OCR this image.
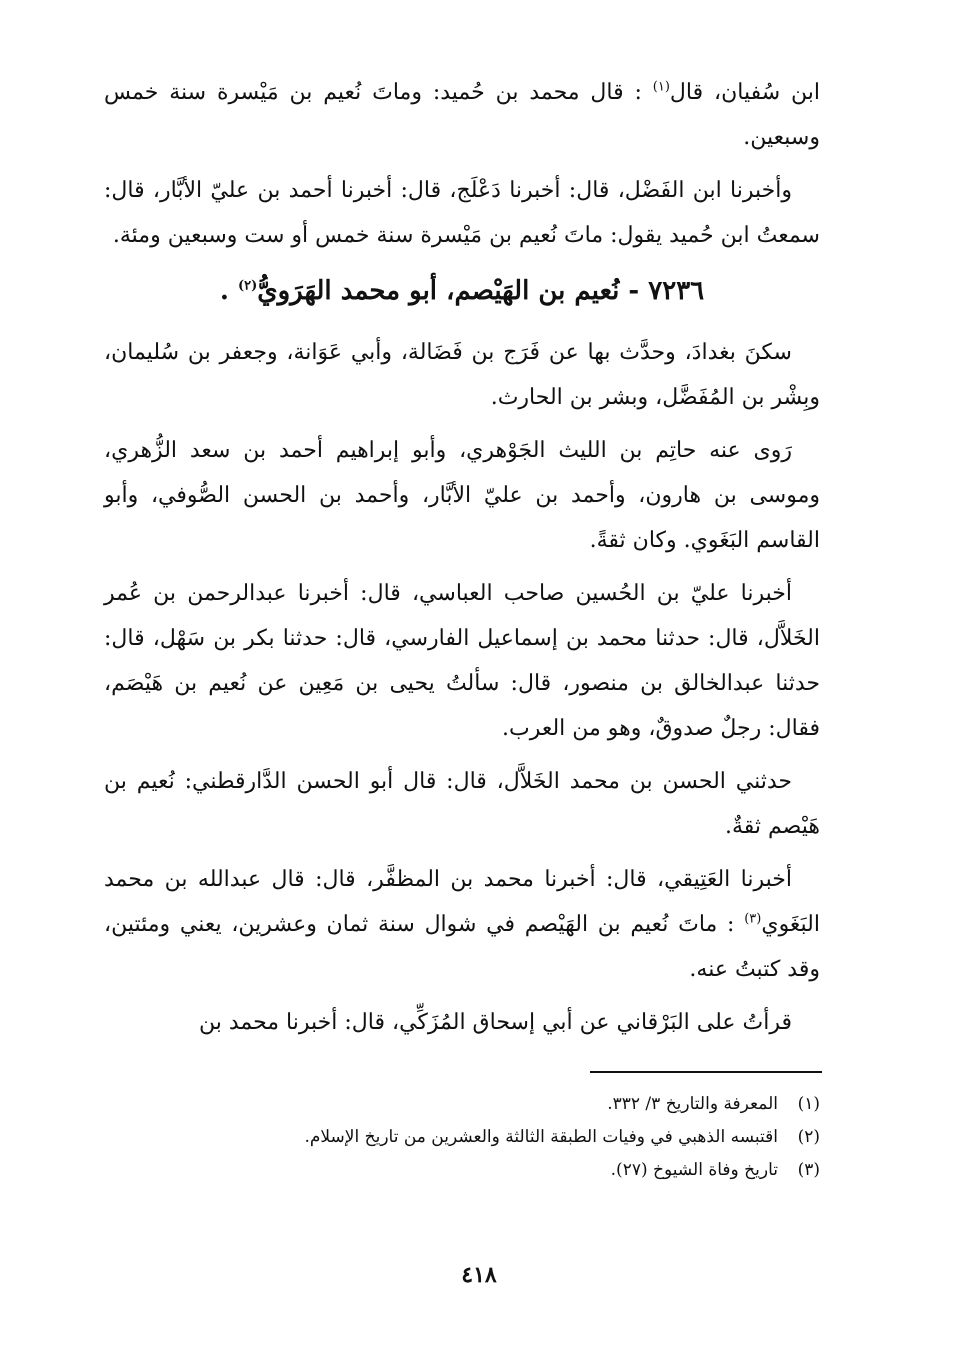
ابن سُفيان، قال$^{(١)}$ : قال محمد بن حُميد: وماتَ نُعيم بن مَيْسرة سنة خمس وسبعين.

وأخبرنا ابن الفَضْل، قال: أخبرنا دَعْلَج، قال: أخبرنا أحمد بن عليّ الأبَّار، قال: سمعتُ ابن حُميد يقول: ماتَ نُعيم بن مَيْسرة سنة خمس أو ست وسبعين ومئة.

٧٢٣٦ - نُعيم بن الهَيْصم، أبو محمد الهَرَويُّ$^{(٢)}$ .

سكنَ بغدادَ، وحدَّث بها عن فَرَج بن فَضَالة، وأبي عَوَانة، وجعفر بن سُليمان، وبِشْر بن المُفَضَّل، وبشر بن الحارث.

رَوى عنه حاتِم بن الليث الجَوْهري، وأبو إبراهيم أحمد بن سعد الزُّهري، وموسى بن هارون، وأحمد بن عليّ الأبَّار، وأحمد بن الحسن الصُّوفي، وأبو القاسم البَغَوي. وكان ثقةً.

أخبرنا عليّ بن الحُسين صاحب العباسي، قال: أخبرنا عبدالرحمن بن عُمر الخَلاَّل، قال: حدثنا محمد بن إسماعيل الفارسي، قال: حدثنا بكر بن سَهْل، قال: حدثنا عبدالخالق بن منصور، قال: سألتُ يحيى بن مَعِين عن نُعيم بن هَيْصَم، فقال: رجلٌ صدوقٌ، وهو من العرب.

حدثني الحسن بن محمد الخَلاَّل، قال: قال أبو الحسن الدَّارقطني: نُعيم بن هَيْصم ثقةٌ.

أخبرنا العَتِيقي، قال: أخبرنا محمد بن المظفَّر، قال: قال عبدالله بن محمد البَغَوي$^{(٣)}$ : ماتَ نُعيم بن الهَيْصم في شوال سنة ثمان وعشرين، يعني ومئتين، وقد كتبتُ عنه.

قرأتُ على البَرْقاني عن أبي إسحاق المُزَكِّي، قال: أخبرنا محمد بن

(١)المعرفة والتاريخ ٣/ ٣٣٢.
(٢)اقتبسه الذهبي في وفيات الطبقة الثالثة والعشرين من تاريخ الإسلام.
(٣)تاريخ وفاة الشيوخ (٢٧).
٤١٨
